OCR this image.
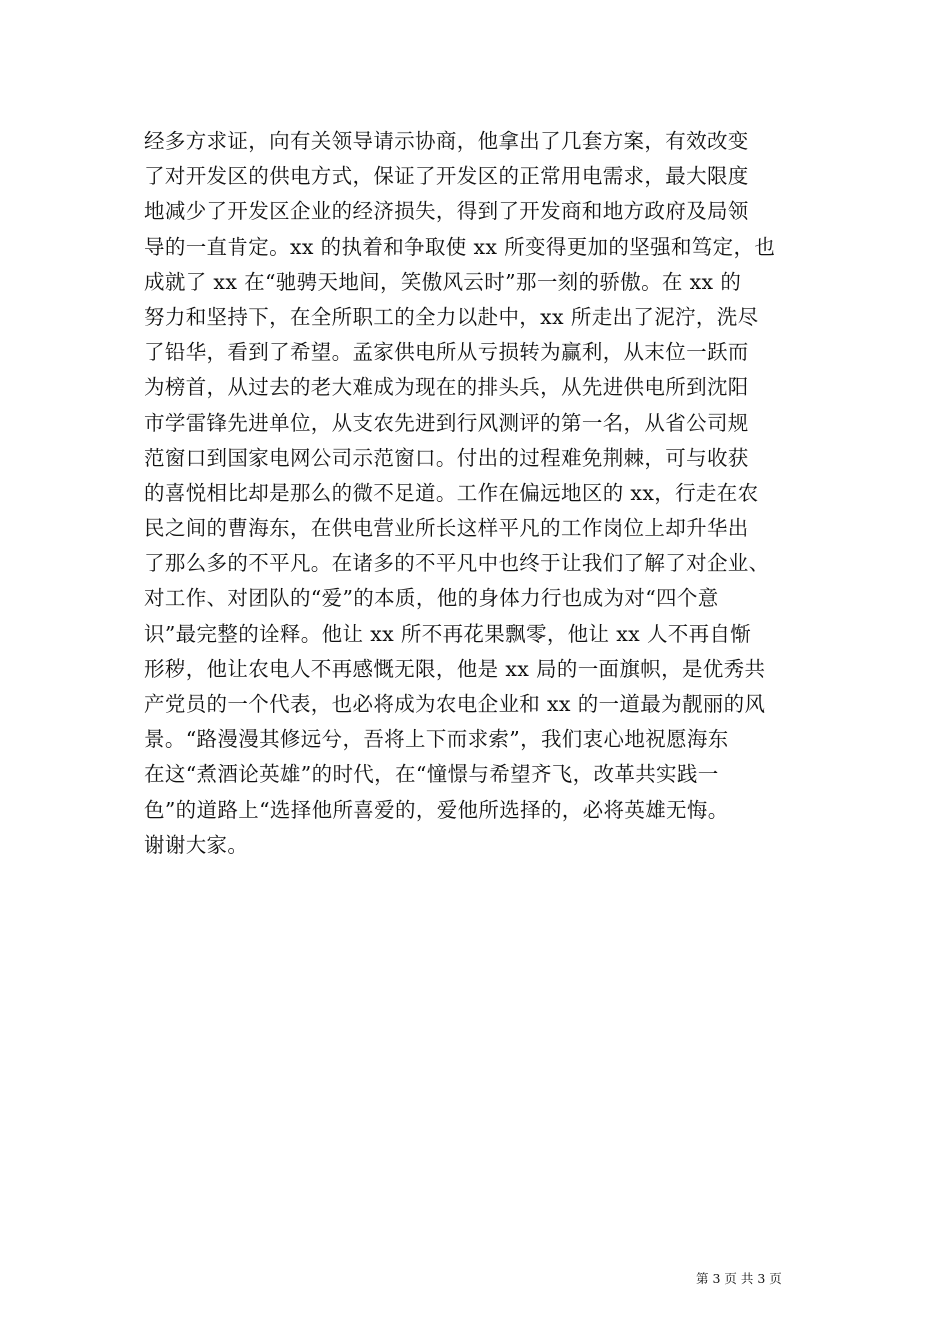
经多方求证，向有关领导请示协商，他拿出了几套方案，有效改变
了对开发区的供电方式，保证了开发区的正常用电需求，最大限度
地减少了开发区企业的经济损失，得到了开发商和地方政府及局领
导的一直肯定。xx 的执着和争取使 xx 所变得更加的坚强和笃定，也
成就了 xx 在“驰骋天地间，笑傲风云时”那一刻的骄傲。在 xx 的
努力和坚持下，在全所职工的全力以赴中，xx 所走出了泥泞，洗尽
了铅华，看到了希望。孟家供电所从亏损转为赢利，从末位一跃而
为榜首，从过去的老大难成为现在的排头兵，从先进供电所到沈阳
市学雷锋先进单位，从支农先进到行风测评的第一名，从省公司规
范窗口到国家电网公司示范窗口。付出的过程难免荆棘，可与收获
的喜悦相比却是那么的微不足道。工作在偏远地区的 xx，行走在农
民之间的曹海东，在供电营业所长这样平凡的工作岗位上却升华出
了那么多的不平凡。在诸多的不平凡中也终于让我们了解了对企业、
对工作、对团队的“爱”的本质，他的身体力行也成为对“四个意
识”最完整的诠释。他让 xx 所不再花果飘零，他让 xx 人不再自惭
形秽，他让农电人不再感慨无限，他是 xx 局的一面旗帜，是优秀共
产党员的一个代表，也必将成为农电企业和 xx 的一道最为靓丽的风
景。“路漫漫其修远兮，吾将上下而求索”，我们衷心地祝愿海东
在这“煮酒论英雄”的时代，在“憧憬与希望齐飞，改革共实践一
色”的道路上“选择他所喜爱的，爱他所选择的，必将英雄无悔。
谢谢大家。
第 3 页 共 3 页
